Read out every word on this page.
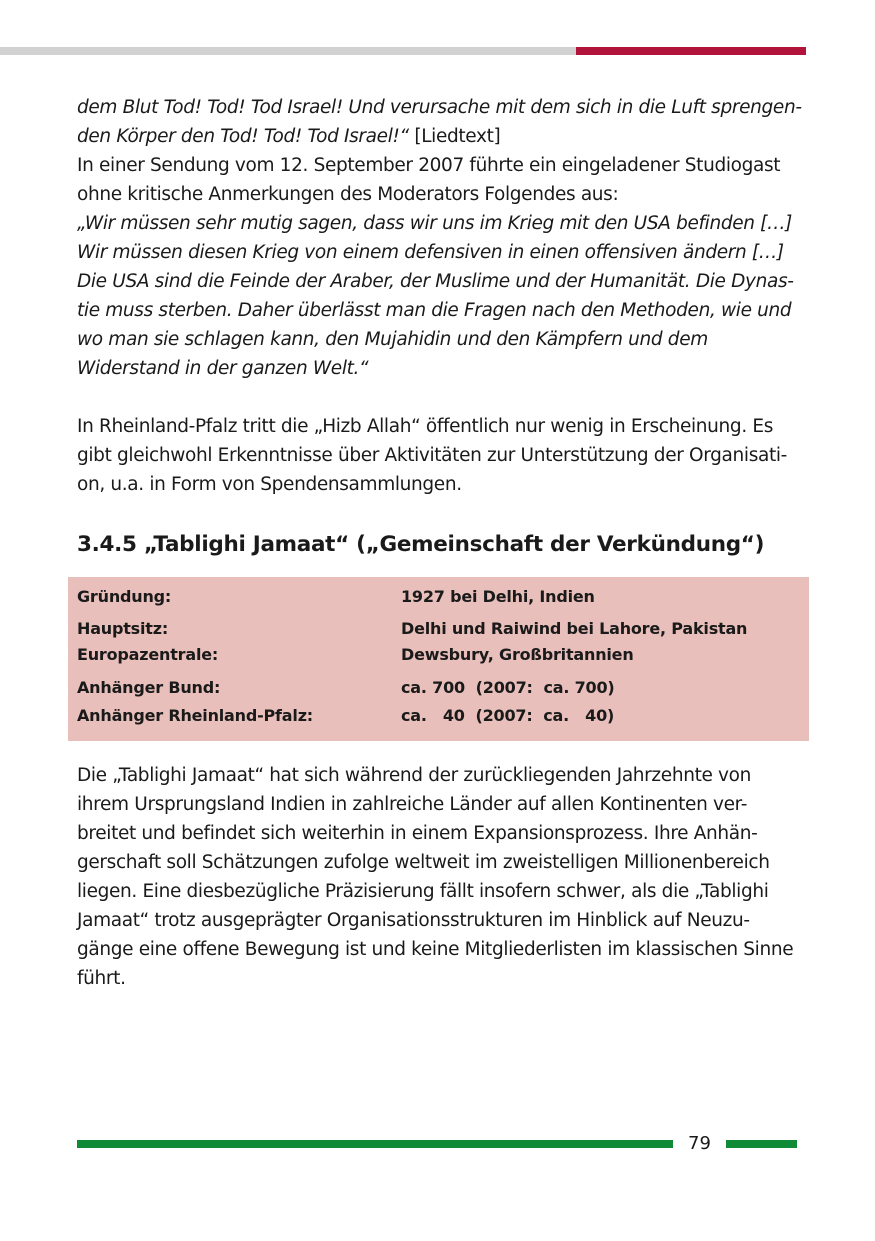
dem Blut Tod! Tod! Tod Israel! Und verursache mit dem sich in die Luft sprengen-den Körper den Tod! Tod! Tod Israel!“ [Liedtext]

In einer Sendung vom 12. September 2007 führte ein eingeladener Studiogast ohne kritische Anmerkungen des Moderators Folgendes aus:

„Wir müssen sehr mutig sagen, dass wir uns im Krieg mit den USA befinden […] Wir müssen diesen Krieg von einem defensiven in einen offensiven ändern […] Die USA sind die Feinde der Araber, der Muslime und der Humanität. Die Dynas-tie muss sterben. Daher überlässt man die Fragen nach den Methoden, wie und wo man sie schlagen kann, den Mujahidin und den Kämpfern und dem Widerstand in der ganzen Welt.“

In Rheinland-Pfalz tritt die „Hizb Allah“ öffentlich nur wenig in Erscheinung. Es gibt gleichwohl Erkenntnisse über Aktivitäten zur Unterstützung der Organisati-on, u.a. in Form von Spendensammlungen.

3.4.5 „Tablighi Jamaat“ („Gemeinschaft der Verkündung“)
Gründung:	1927 bei Delhi, Indien
Hauptsitz:	Delhi und Raiwind bei Lahore, Pakistan
Europazentrale:	Dewsbury, Großbritannien
Anhänger Bund:	ca. 700  (2007:  ca. 700)
Anhänger Rheinland-Pfalz:	ca.   40  (2007:  ca.   40)

Die „Tablighi Jamaat“ hat sich während der zurückliegenden Jahrzehnte von ihrem Ursprungsland Indien in zahlreiche Länder auf allen Kontinenten ver-breitet und befindet sich weiterhin in einem Expansionsprozess. Ihre Anhän-gerschaft soll Schätzungen zufolge weltweit im zweistelligen Millionenbereich liegen. Eine diesbezügliche Präzisierung fällt insofern schwer, als die „Tablighi Jamaat“ trotz ausgeprägter Organisationsstrukturen im Hinblick auf Neuzu-gänge eine offene Bewegung ist und keine Mitgliederlisten im klassischen Sinne führt.

79
